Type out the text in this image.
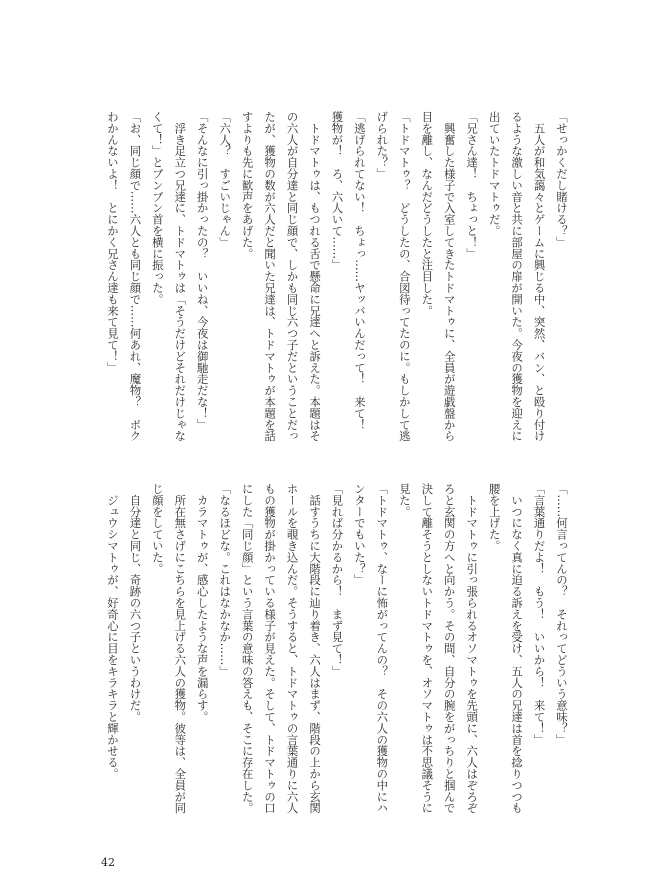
「せっかくだし賭ける？」

　五人が和気藹々とゲームに興じる中、突然、バン、と殴り付け

るような激しい音と共に部屋の扉が開いた。今夜の獲物を迎えに

出ていたトドマトゥだ。

「兄さん達！　ちょっと！」

　興奮した様子で入室してきたトドマトゥに、全員が遊戯盤から

目を離し、なんだどうしたと注目した。

「トドマトゥ？　どうしたの、合図待ってたのに。もしかして逃

げられた？」

「逃げられてない！　ちょっ……ヤッバいんだって！　来て！

獲物が！　ろ、六人いて……」

　トドマトゥは、もつれる舌で懸命に兄達へと訴えた。本題はそ

の六人が自分達と同じ顔で、しかも同じ六つ子だということだっ

たが、獲物の数が六人だと聞いた兄達は、トドマトゥが本題を話

すよりも先に歓声をあげた。

「六人？　すごいじゃん」

「そんなに引っ掛かったの？　いいね、今夜は御馳走だな！」

　浮き足立つ兄達に、トドマトゥは「そうだけどそれだけじゃな

くて！」とブンブン首を横に振った。

「お、同じ顔で……六人とも同じ顔で……何あれ、魔物？　ボク

わかんないよ！　とにかく兄さん達も来て見て！」

「……何言ってんの？　それってどういう意味？」

「言葉通りだよ！　もう！　いいから！　来て！」

　いつになく真に迫る訴えを受け、五人の兄達は首を捻りつつも

腰を上げた。

　トドマトゥに引っ張られるオソマトゥを先頭に、六人はぞろぞ

ろと玄関の方へと向かう。その間、自分の腕をがっちりと掴んで

決して離そうとしないトドマトゥを、オソマトゥは不思議そうに

見た。

「トドマトゥ、なーに怖がってんの？　その六人の獲物の中にハ

ンターでもいた？」

「見れば分かるから！　まず見て！」

　話すうちに大階段に辿り着き、六人はまず、階段の上から玄関

ホールを覗き込んだ。そうすると、トドマトゥの言葉通りに六人

もの獲物が掛かっている様子が見えた。そして、トドマトゥの口

にした「同じ顔」という言葉の意味の答えも、そこに存在した。

「なるほどな。これはなかなか……」

　カラマトゥが、感心したような声を漏らす。

　所在無さげにこちらを見上げる六人の獲物。彼等は、全員が同

じ顔をしていた。

　自分達と同じ、奇跡の六つ子というわけだ。

　ジュウシマトゥが、好奇心に目をキラキラと輝かせる。

42
